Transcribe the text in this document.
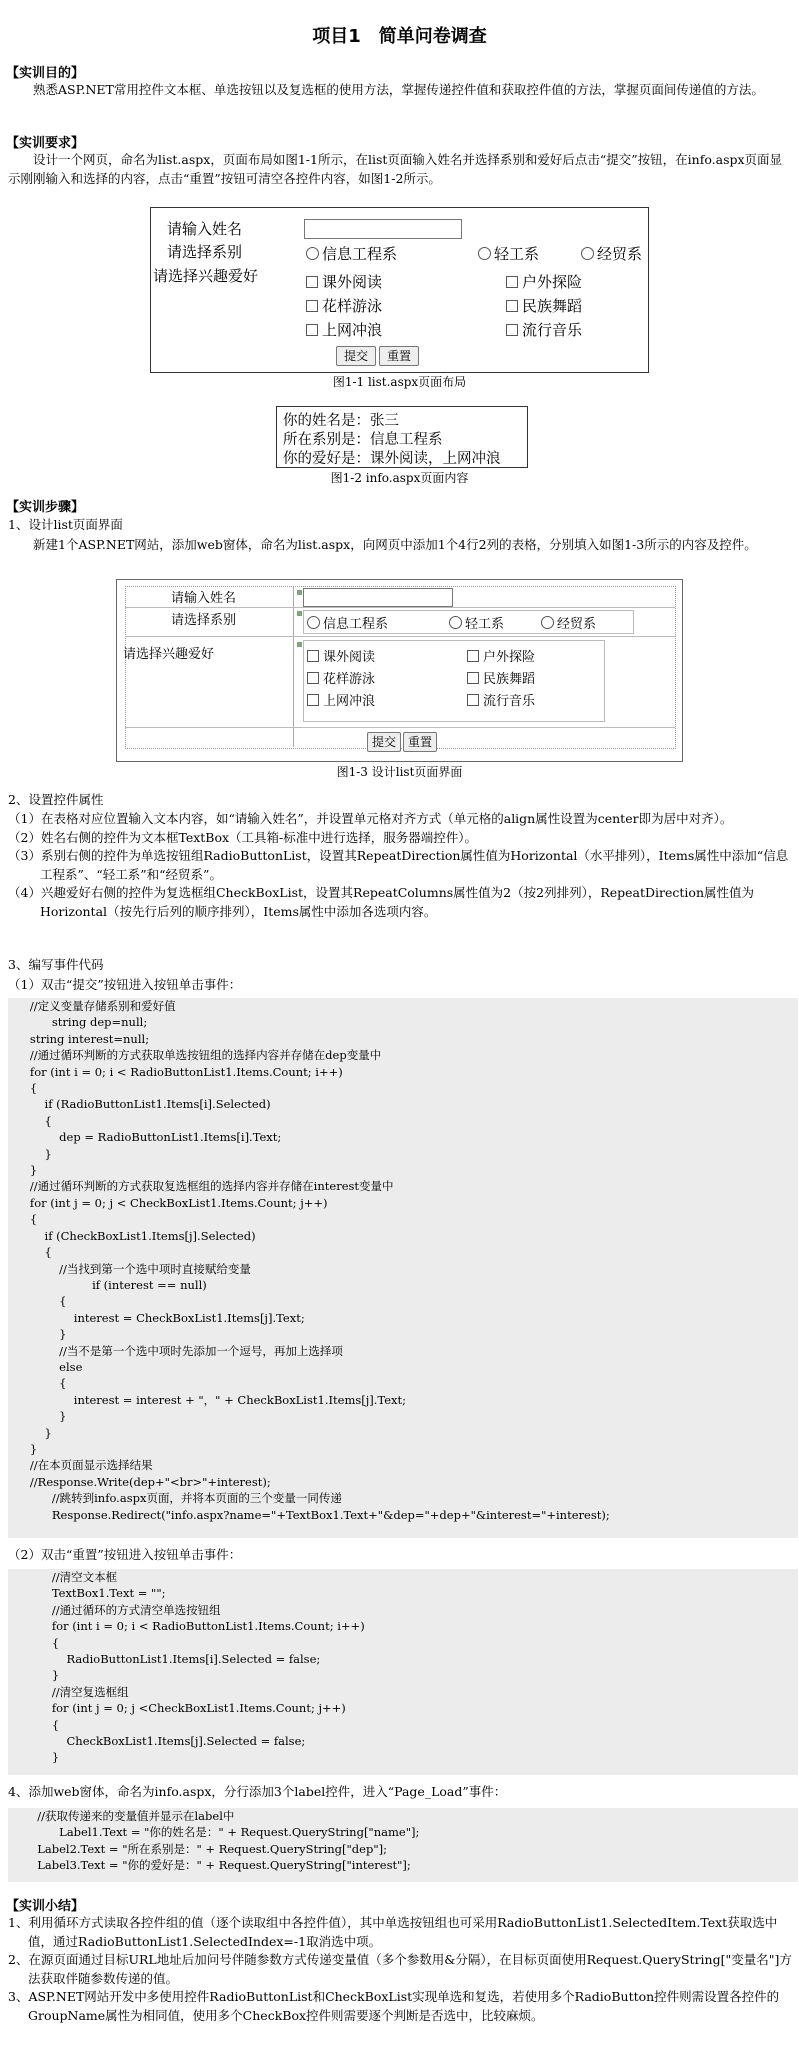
项目1　简单问卷调查
【实训目的】
熟悉ASP.NET常用控件文本框、单选按钮以及复选框的使用方法，掌握传递控件值和获取控件值的方法，掌握页面间传递值的方法。
【实训要求】
设计一个网页，命名为list.aspx，页面布局如图1-1所示，在list页面输入姓名并选择系别和爱好后点击“提交”按钮，在info.aspx页面显示刚刚输入和选择的内容，点击“重置”按钮可清空各控件内容，如图1-2所示。
请输入姓名
请选择系别	信息工程系	轻工系	经贸系
请选择兴趣爱好	课外阅读	户外探险
花样游泳	民族舞蹈
上网冲浪	流行音乐
提交	重置
图1-1 list.aspx页面布局
你的姓名是：张三
所在系别是：信息工程系
你的爱好是：课外阅读，上网冲浪
图1-2 info.aspx页面内容
【实训步骤】
1、设计list页面界面
新建1个ASP.NET网站，添加web窗体，命名为list.aspx，向网页中添加1个4行2列的表格，分别填入如图1-3所示的内容及控件。
请输入姓名
请选择系别	信息工程系	轻工系	经贸系
请选择兴趣爱好	课外阅读	户外探险
花样游泳	民族舞蹈
上网冲浪	流行音乐
提交 重置
图1-3 设计list页面界面
2、设置控件属性
（1）在表格对应位置输入文本内容，如“请输入姓名”，并设置单元格对齐方式（单元格的align属性设置为center即为居中对齐）。
（2）姓名右侧的控件为文本框TextBox（工具箱-标准中进行选择，服务器端控件）。
（3）系别右侧的控件为单选按钮组RadioButtonList，设置其RepeatDirection属性值为Horizontal（水平排列），Items属性中添加“信息工程系”、“轻工系”和“经贸系”。
（4）兴趣爱好右侧的控件为复选框组CheckBoxList，设置其RepeatColumns属性值为2（按2列排列），RepeatDirection属性值为Horizontal（按先行后列的顺序排列），Items属性中添加各选项内容。
3、编写事件代码
（1）双击“提交”按钮进入按钮单击事件：
//定义变量存储系别和爱好值
string dep=null;
string interest=null;
//通过循环判断的方式获取单选按钮组的选择内容并存储在dep变量中
for (int i = 0; i < RadioButtonList1.Items.Count; i++)
{
if (RadioButtonList1.Items[i].Selected)
{
dep = RadioButtonList1.Items[i].Text;
}
}
//通过循环判断的方式获取复选框组的选择内容并存储在interest变量中
for (int j = 0; j < CheckBoxList1.Items.Count; j++)
{
if (CheckBoxList1.Items[j].Selected)
{
//当找到第一个选中项时直接赋给变量
if (interest == null)
{
interest = CheckBoxList1.Items[j].Text;
}
//当不是第一个选中项时先添加一个逗号，再加上选择项
else
{
interest = interest + "，" + CheckBoxList1.Items[j].Text;
}
}
}
//在本页面显示选择结果
//Response.Write(dep+"<br>"+interest);
//跳转到info.aspx页面，并将本页面的三个变量一同传递
Response.Redirect("info.aspx?name="+TextBox1.Text+"&dep="+dep+"&interest="+interest);
（2）双击“重置”按钮进入按钮单击事件：
//清空文本框
TextBox1.Text = "";
//通过循环的方式清空单选按钮组
for (int i = 0; i < RadioButtonList1.Items.Count; i++)
{
RadioButtonList1.Items[i].Selected = false;
}
//清空复选框组
for (int j = 0; j <CheckBoxList1.Items.Count; j++)
{
CheckBoxList1.Items[j].Selected = false;
}
4、添加web窗体，命名为info.aspx，分行添加3个label控件，进入“Page_Load”事件：
//获取传递来的变量值并显示在label中
Label1.Text = "你的姓名是：" + Request.QueryString["name"];
Label2.Text = "所在系别是：" + Request.QueryString["dep"];
Label3.Text = "你的爱好是：" + Request.QueryString["interest"];
【实训小结】
1、利用循环方式读取各控件组的值（逐个读取组中各控件值），其中单选按钮组也可采用RadioButtonList1.SelectedItem.Text获取选中值，通过RadioButtonList1.SelectedIndex=-1取消选中项。
2、在源页面通过目标URL地址后加问号伴随参数方式传递变量值（多个参数用&分隔），在目标页面使用Request.QueryString["变量名"]方法获取伴随参数传递的值。
3、ASP.NET网站开发中多使用控件RadioButtonList和CheckBoxList实现单选和复选，若使用多个RadioButton控件则需设置各控件的GroupName属性为相同值，使用多个CheckBox控件则需要逐个判断是否选中，比较麻烦。
